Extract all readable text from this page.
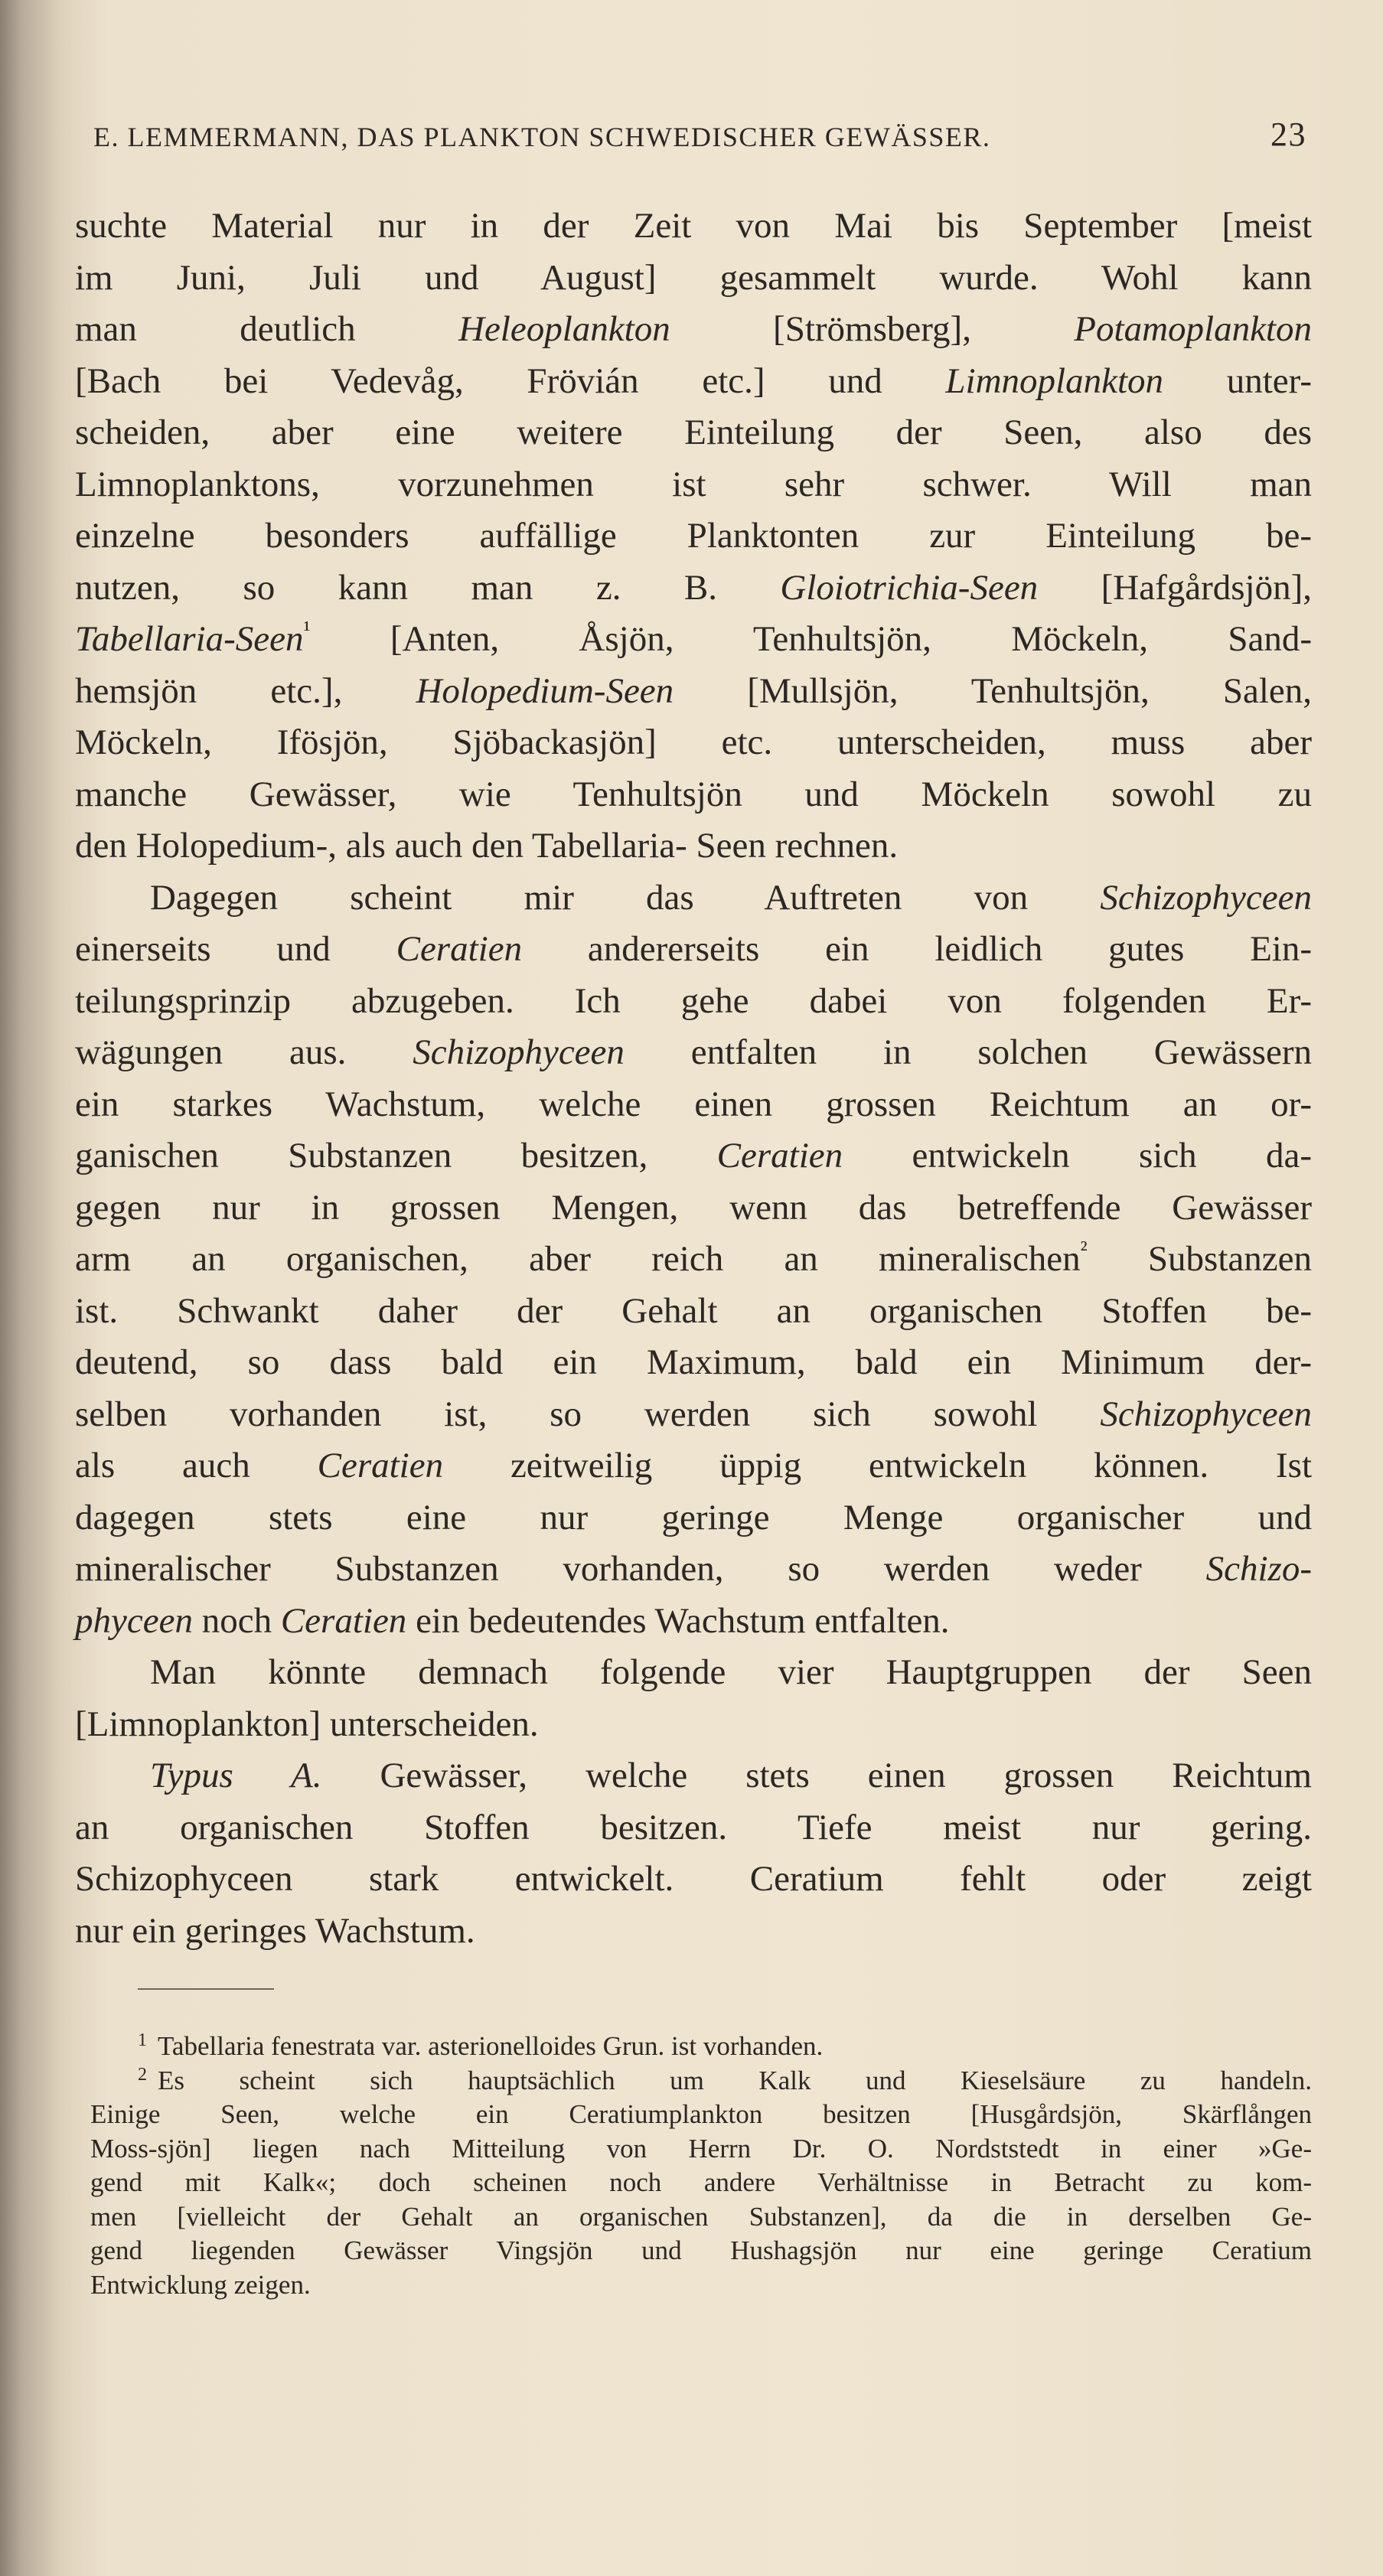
E. LEMMERMANN, DAS PLANKTON SCHWEDISCHER GEWÄSSER.	23
suchte Material nur in der Zeit von Mai bis September [meist
im Juni, Juli und August] gesammelt wurde. Wohl kann
man deutlich Heleoplankton [Strömsberg], Potamoplankton
[Bach bei Vedevåg, Frövián etc.] und Limnoplankton unter-
scheiden, aber eine weitere Einteilung der Seen, also des
Limnoplanktons, vorzunehmen ist sehr schwer. Will man
einzelne besonders auffällige Planktonten zur Einteilung be-
nutzen, so kann man z. B. Gloiotrichia-Seen [Hafgårdsjön],
Tabellaria-Seen$^{^1}$ [Anten, Åsjön, Tenhultsjön, Möckeln, Sand-
hemsjön etc.], Holopedium-Seen [Mullsjön, Tenhultsjön, Salen,
Möckeln, Ifösjön, Sjöbackasjön] etc. unterscheiden, muss aber
manche Gewässer, wie Tenhultsjön und Möckeln sowohl zu
den Holopedium-, als auch den Tabellaria- Seen rechnen.
Dagegen scheint mir das Auftreten von Schizophyceen
einerseits und Ceratien andererseits ein leidlich gutes Ein-
teilungsprinzip abzugeben. Ich gehe dabei von folgenden Er-
wägungen aus. Schizophyceen entfalten in solchen Gewässern
ein starkes Wachstum, welche einen grossen Reichtum an or-
ganischen Substanzen besitzen, Ceratien entwickeln sich da-
gegen nur in grossen Mengen, wenn das betreffende Gewässer
arm an organischen, aber reich an mineralischen$^{^2}$ Substanzen
ist. Schwankt daher der Gehalt an organischen Stoffen be-
deutend, so dass bald ein Maximum, bald ein Minimum der-
selben vorhanden ist, so werden sich sowohl Schizophyceen
als auch Ceratien zeitweilig üppig entwickeln können. Ist
dagegen stets eine nur geringe Menge organischer und
mineralischer Substanzen vorhanden, so werden weder Schizo-
phyceen noch Ceratien ein bedeutendes Wachstum entfalten.
Man könnte demnach folgende vier Hauptgruppen der Seen
[Limnoplankton] unterscheiden.
Typus A. Gewässer, welche stets einen grossen Reichtum
an organischen Stoffen besitzen. Tiefe meist nur gering.
Schizophyceen stark entwickelt. Ceratium fehlt oder zeigt
nur ein geringes Wachstum.
$^1$ Tabellaria fenestrata var. asterionelloides Grun. ist vorhanden.
$^2$ Es scheint sich hauptsächlich um Kalk und Kieselsäure zu handeln.
Einige Seen, welche ein Ceratiumplankton besitzen [Husgårdsjön, Skärflången
Moss-sjön] liegen nach Mitteilung von Herrn Dr. O. Nordststedt in einer »Ge-
gend mit Kalk«; doch scheinen noch andere Verhältnisse in Betracht zu kom-
men [vielleicht der Gehalt an organischen Substanzen], da die in derselben Ge-
gend liegenden Gewässer Vingsjön und Hushagsjön nur eine geringe Ceratium
Entwicklung zeigen.
